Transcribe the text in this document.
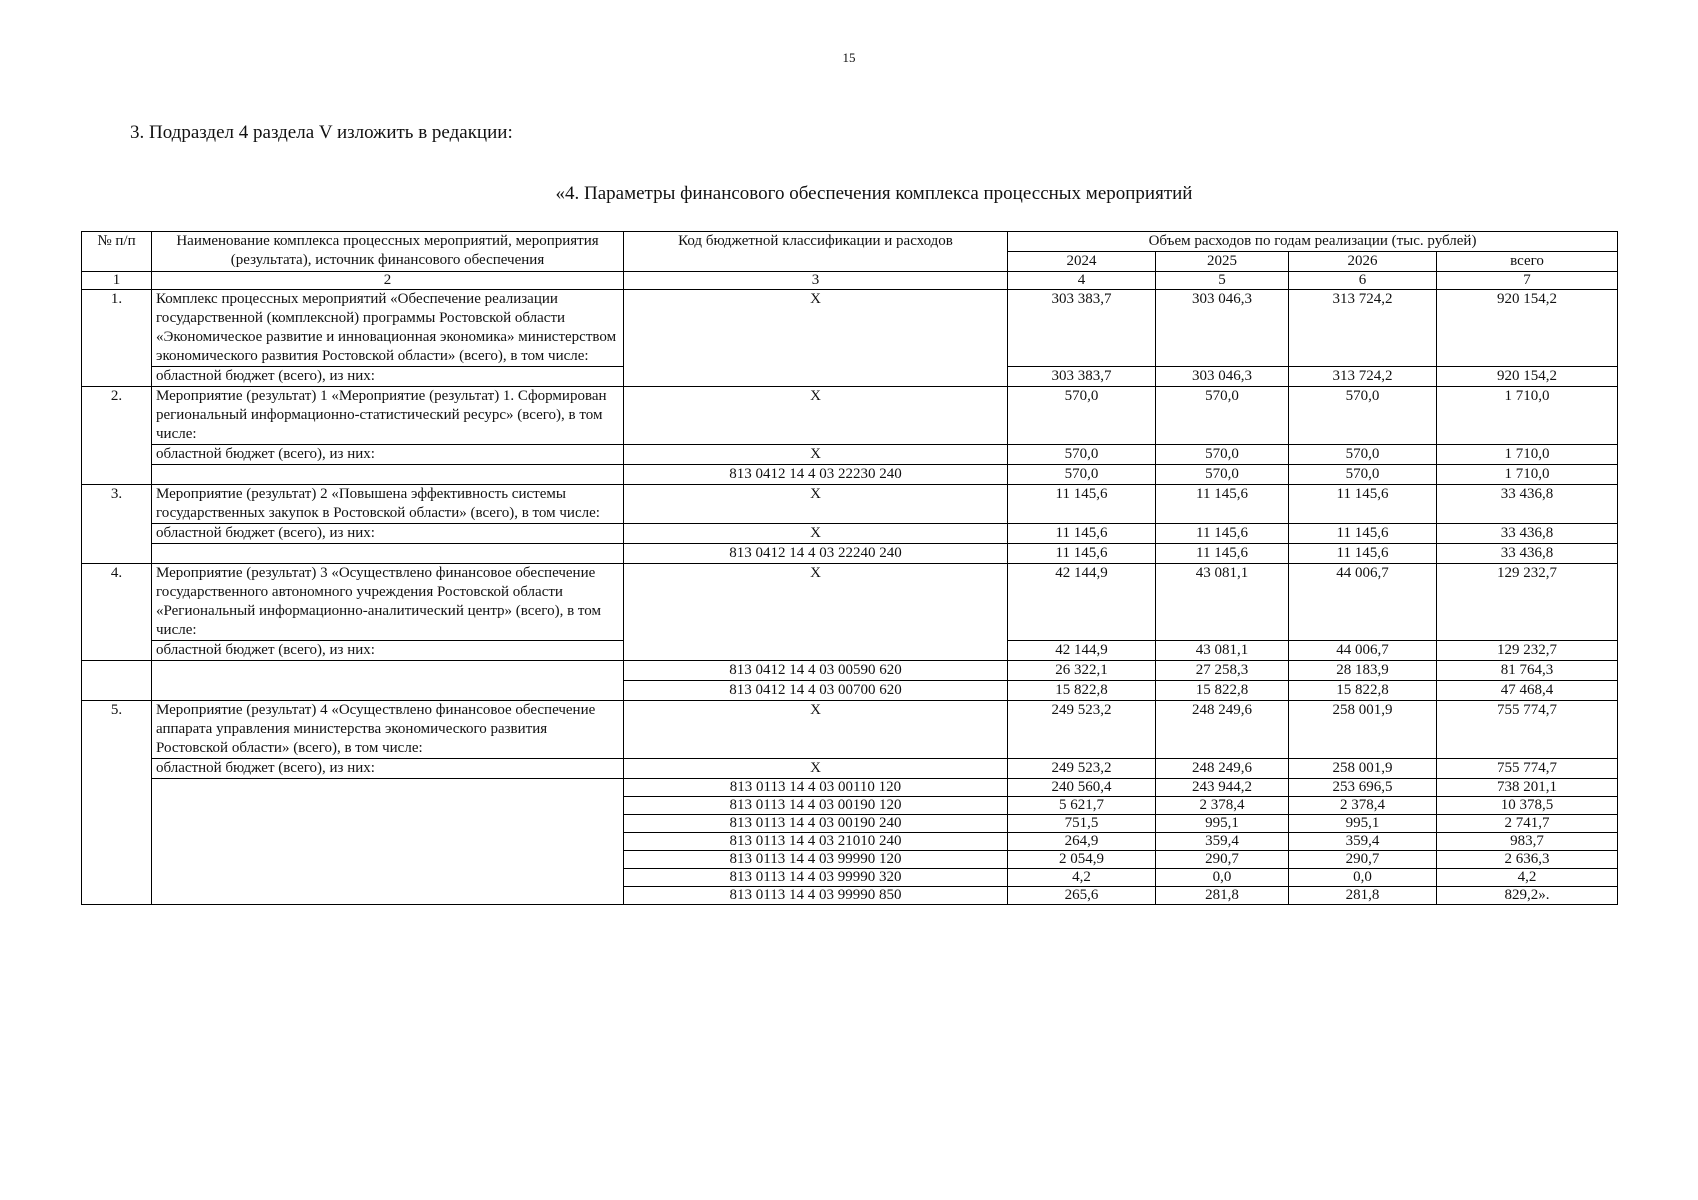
15
3. Подраздел 4 раздела V изложить в редакции:
«4. Параметры финансового обеспечения комплекса процессных мероприятий
№ п/п	Наименование комплекса процессных мероприятий, мероприятия (результата), источник финансового обеспечения	Код бюджетной классификации и расходов	Объем расходов по годам реализации (тыс. рублей)			
			2024	2025	2026	всего
1	2	3	4	5	6	7
1.	Комплекс процессных мероприятий «Обеспечение реализации государственной (комплексной) программы Ростовской области «Экономическое развитие и инновационная экономика» министерством экономического развития Ростовской области» (всего), в том числе:	X	303 383,7	303 046,3	313 724,2	920 154,2
	областной бюджет (всего), из них:		303 383,7	303 046,3	313 724,2	920 154,2
2.	Мероприятие (результат) 1 «Мероприятие (результат) 1. Сформирован региональный информационно-статистический ресурс» (всего), в том числе:	X	570,0	570,0	570,0	1 710,0
	областной бюджет (всего), из них:	X	570,0	570,0	570,0	1 710,0
		813 0412 14 4 03 22230 240	570,0	570,0	570,0	1 710,0
3.	Мероприятие (результат) 2 «Повышена эффективность системы государственных закупок в Ростовской области» (всего), в том числе:	X	11 145,6	11 145,6	11 145,6	33 436,8
	областной бюджет (всего), из них:	X	11 145,6	11 145,6	11 145,6	33 436,8
		813 0412 14 4 03 22240 240	11 145,6	11 145,6	11 145,6	33 436,8
4.	Мероприятие (результат) 3 «Осуществлено финансовое обеспечение государственного автономного учреждения Ростовской области «Региональный информационно-аналитический центр» (всего), в том числе:	X	42 144,9	43 081,1	44 006,7	129 232,7
	областной бюджет (всего), из них:		42 144,9	43 081,1	44 006,7	129 232,7
		813 0412 14 4 03 00590 620	26 322,1	27 258,3	28 183,9	81 764,3
		813 0412 14 4 03 00700 620	15 822,8	15 822,8	15 822,8	47 468,4
5.	Мероприятие (результат) 4 «Осуществлено финансовое обеспечение аппарата управления министерства экономического развития Ростовской области» (всего), в том числе:	X	249 523,2	248 249,6	258 001,9	755 774,7
	областной бюджет (всего), из них:	X	249 523,2	248 249,6	258 001,9	755 774,7
		813 0113 14 4 03 00110 120	240 560,4	243 944,2	253 696,5	738 201,1
		813 0113 14 4 03 00190 120	5 621,7	2 378,4	2 378,4	10 378,5
		813 0113 14 4 03 00190 240	751,5	995,1	995,1	2 741,7
		813 0113 14 4 03 21010 240	264,9	359,4	359,4	983,7
		813 0113 14 4 03 99990 120	2 054,9	290,7	290,7	2 636,3
		813 0113 14 4 03 99990 320	4,2	0,0	0,0	4,2
		813 0113 14 4 03 99990 850	265,6	281,8	281,8	829,2».
